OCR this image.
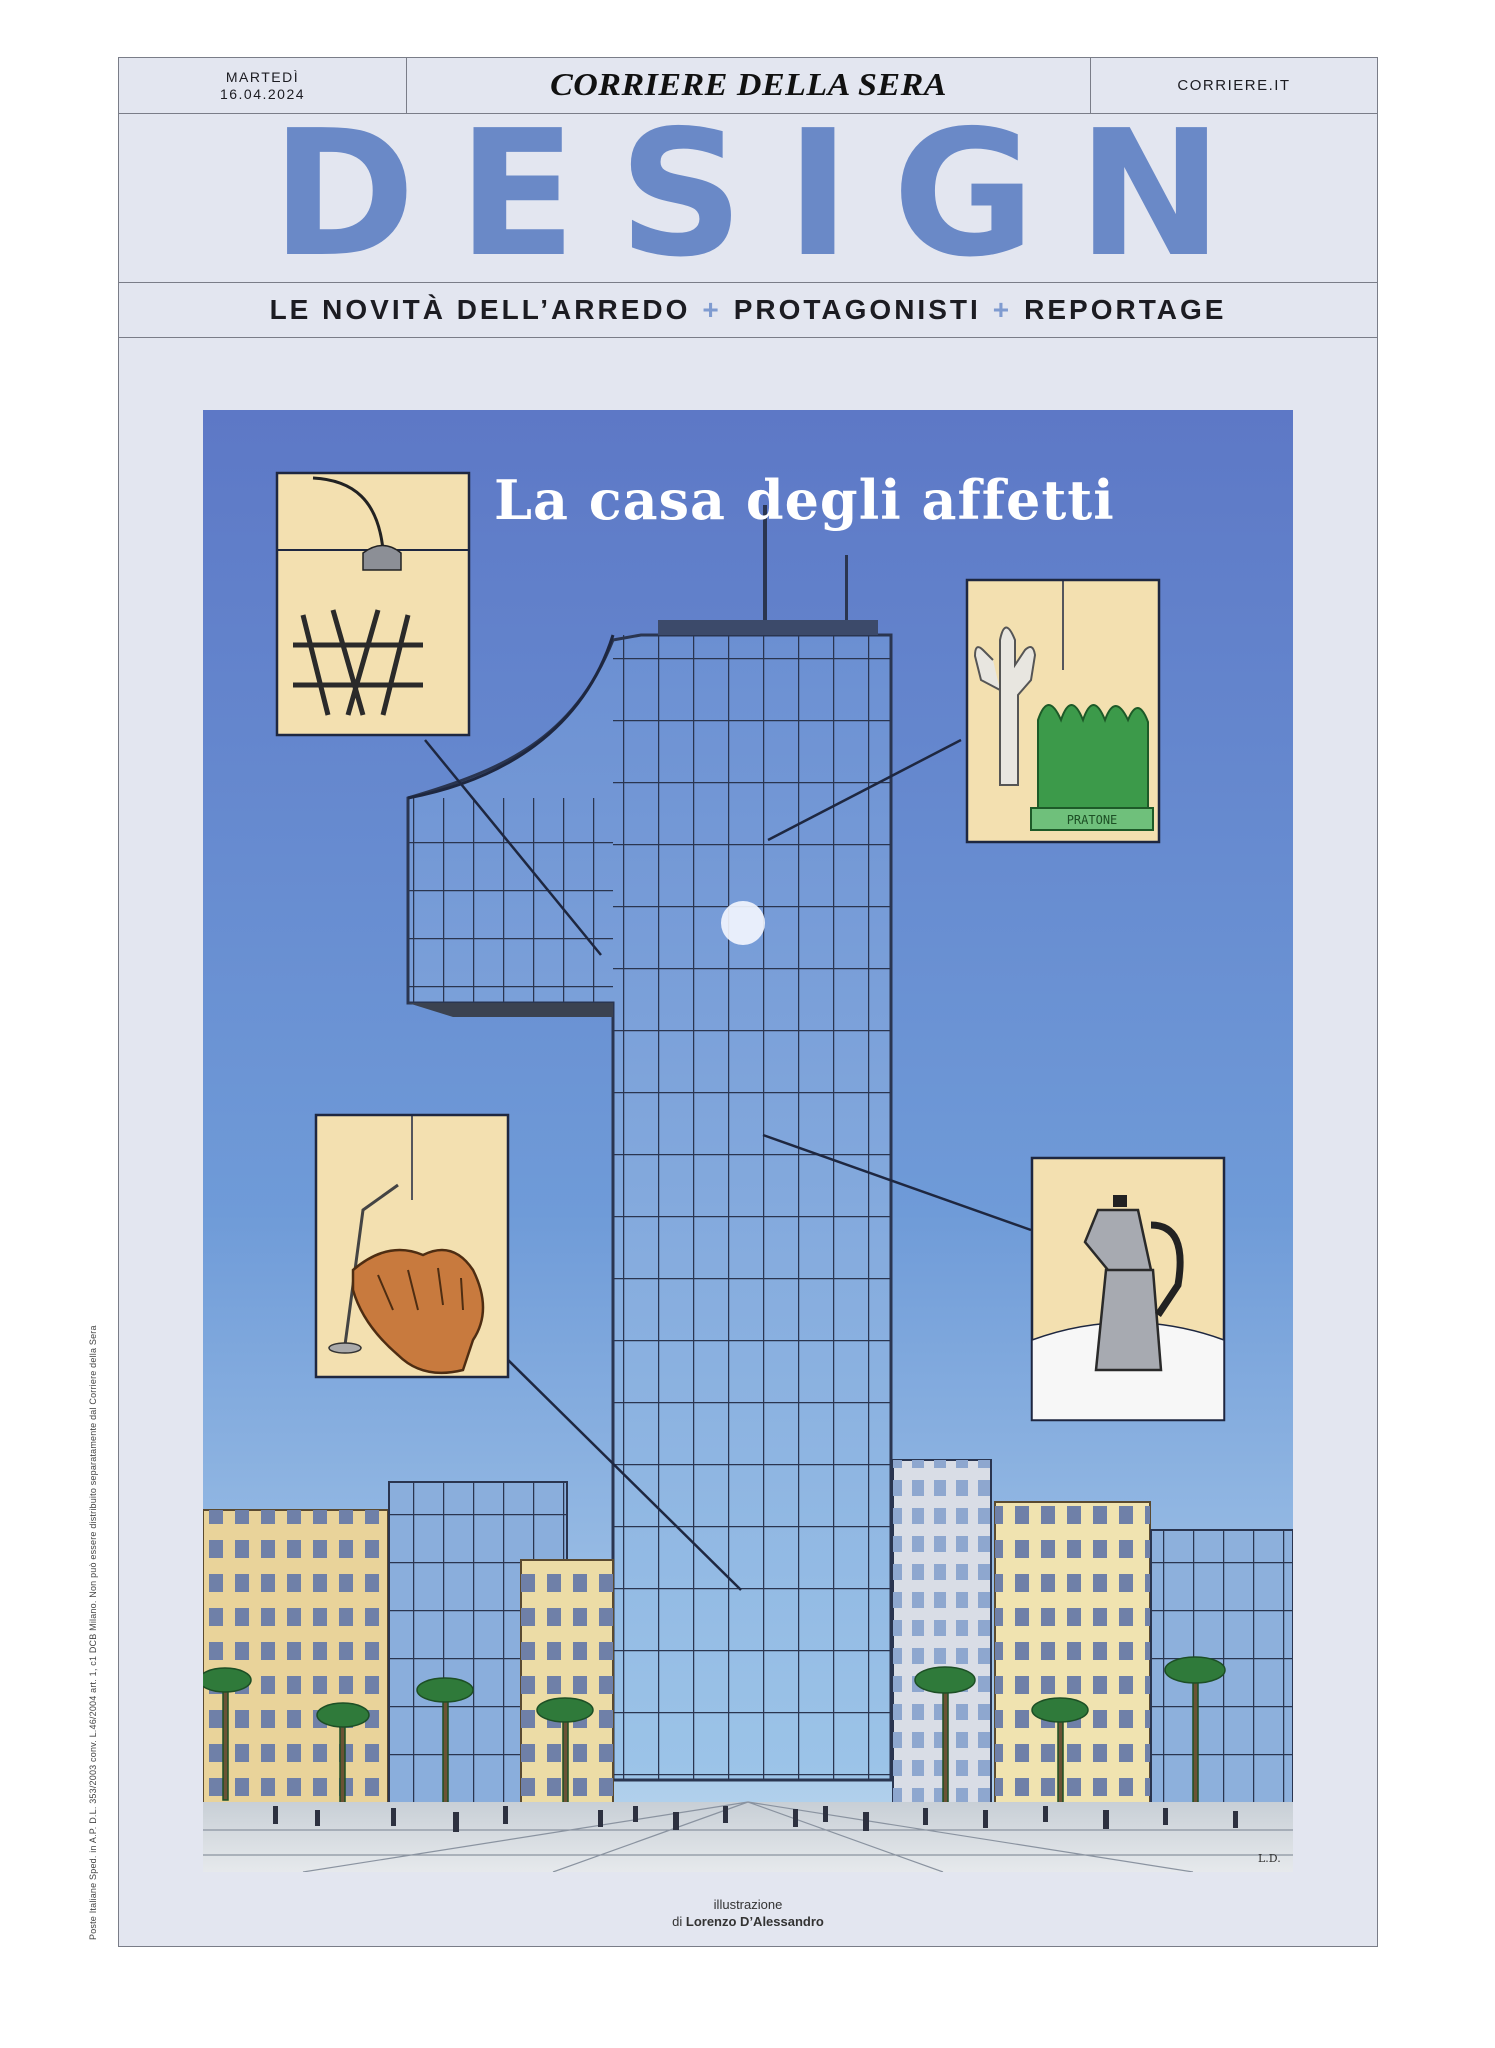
MARTEDÌ
16.04.2024	CORRIERE DELLA SERA	CORRIERE.IT
DESIGN
LE NOVITÀ DELL’ARREDO + PROTAGONISTI + REPORTAGE
PRATONE
L.D.
illustrazione
di Lorenzo D’Alessandro
La casa degli affetti
Poste Italiane Sped. in A.P. D.L. 353/2003 conv. L.46/2004 art. 1, c1 DCB Milano. Non può essere distribuito separatamente dal Corriere della Sera
